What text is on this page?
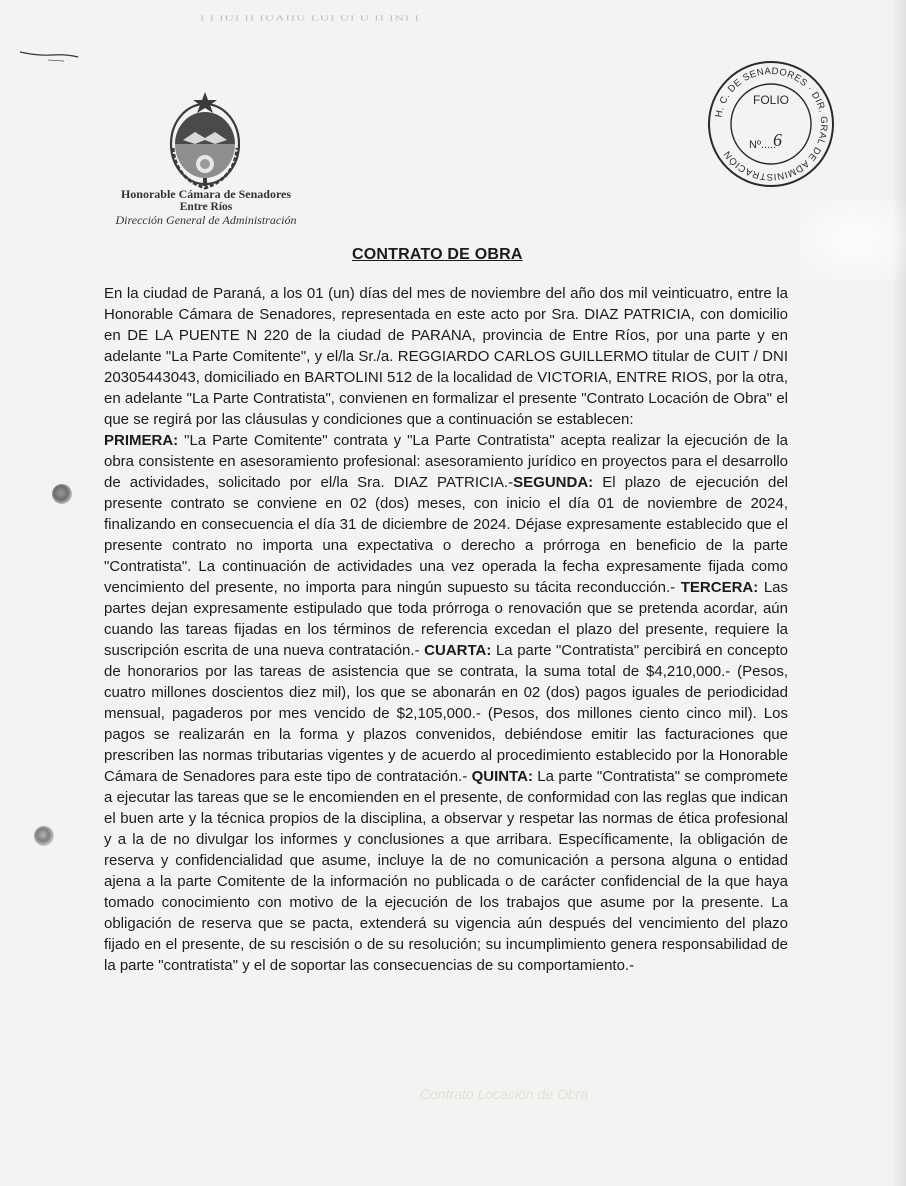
I I IUI II IUAIIU LUI UI U II INI I
Honorable Cámara de Senadores
Entre Ríos
Dirección General de Administración
H. C. DE SENADORES · DIR. GRAL DE ADMINISTRACIÓN
FOLIO
Nº.....
6
CONTRATO DE OBRA
En la ciudad de Paraná, a los 01 (un) días del mes de noviembre del año dos mil veinticuatro, entre la Honorable Cámara de Senadores, representada en este acto por Sra. DIAZ PATRICIA, con domicilio en DE LA PUENTE N 220 de la ciudad de PARANA, provincia de Entre Ríos, por una parte y en adelante "La Parte Comitente", y el/la Sr./a. REGGIARDO CARLOS GUILLERMO titular de CUIT / DNI 20305443043, domiciliado en BARTOLINI 512 de la localidad de VICTORIA, ENTRE RIOS, por la otra, en adelante "La Parte Contratista", convienen en formalizar el presente "Contrato Locación de Obra" el que se regirá por las cláusulas y condiciones que a continuación se establecen:
PRIMERA: "La Parte Comitente" contrata y "La Parte Contratista" acepta realizar la ejecución de la obra consistente en asesoramiento profesional: asesoramiento jurídico en proyectos para el desarrollo de actividades, solicitado por el/la Sra. DIAZ PATRICIA.-SEGUNDA: El plazo de ejecución del presente contrato se conviene en 02 (dos) meses, con inicio el día 01 de noviembre de 2024, finalizando en consecuencia el día 31 de diciembre de 2024. Déjase expresamente establecido que el presente contrato no importa una expectativa o derecho a prórroga en beneficio de la parte "Contratista". La continuación de actividades una vez operada la fecha expresamente fijada como vencimiento del presente, no importa para ningún supuesto su tácita reconducción.- TERCERA: Las partes dejan expresamente estipulado que toda prórroga o renovación que se pretenda acordar, aún cuando las tareas fijadas en los términos de referencia excedan el plazo del presente, requiere la suscripción escrita de una nueva contratación.- CUARTA: La parte "Contratista" percibirá en concepto de honorarios por las tareas de asistencia que se contrata, la suma total de $4,210,000.- (Pesos, cuatro millones doscientos diez mil), los que se abonarán en 02 (dos) pagos iguales de periodicidad mensual, pagaderos por mes vencido de $2,105,000.- (Pesos, dos millones ciento cinco mil). Los pagos se realizarán en la forma y plazos convenidos, debiéndose emitir las facturaciones que prescriben las normas tributarias vigentes y de acuerdo al procedimiento establecido por la Honorable Cámara de Senadores para este tipo de contratación.- QUINTA: La parte "Contratista" se compromete a ejecutar las tareas que se le encomienden en el presente, de conformidad con las reglas que indican el buen arte y la técnica propios de la disciplina, a observar y respetar las normas de ética profesional y a la de no divulgar los informes y conclusiones a que arribara. Específicamente, la obligación de reserva y confidencialidad que asume, incluye la de no comunicación a persona alguna o entidad ajena a la parte Comitente de la información no publicada o de carácter confidencial de la que haya tomado conocimiento con motivo de la ejecución de los trabajos que asume por la presente. La obligación de reserva que se pacta, extenderá su vigencia aún después del vencimiento del plazo fijado en el presente, de su rescisión o de su resolución; su incumplimiento genera responsabilidad de la parte "contratista" y el de soportar las consecuencias de su comportamiento.-
Contrato Locación de Obra
